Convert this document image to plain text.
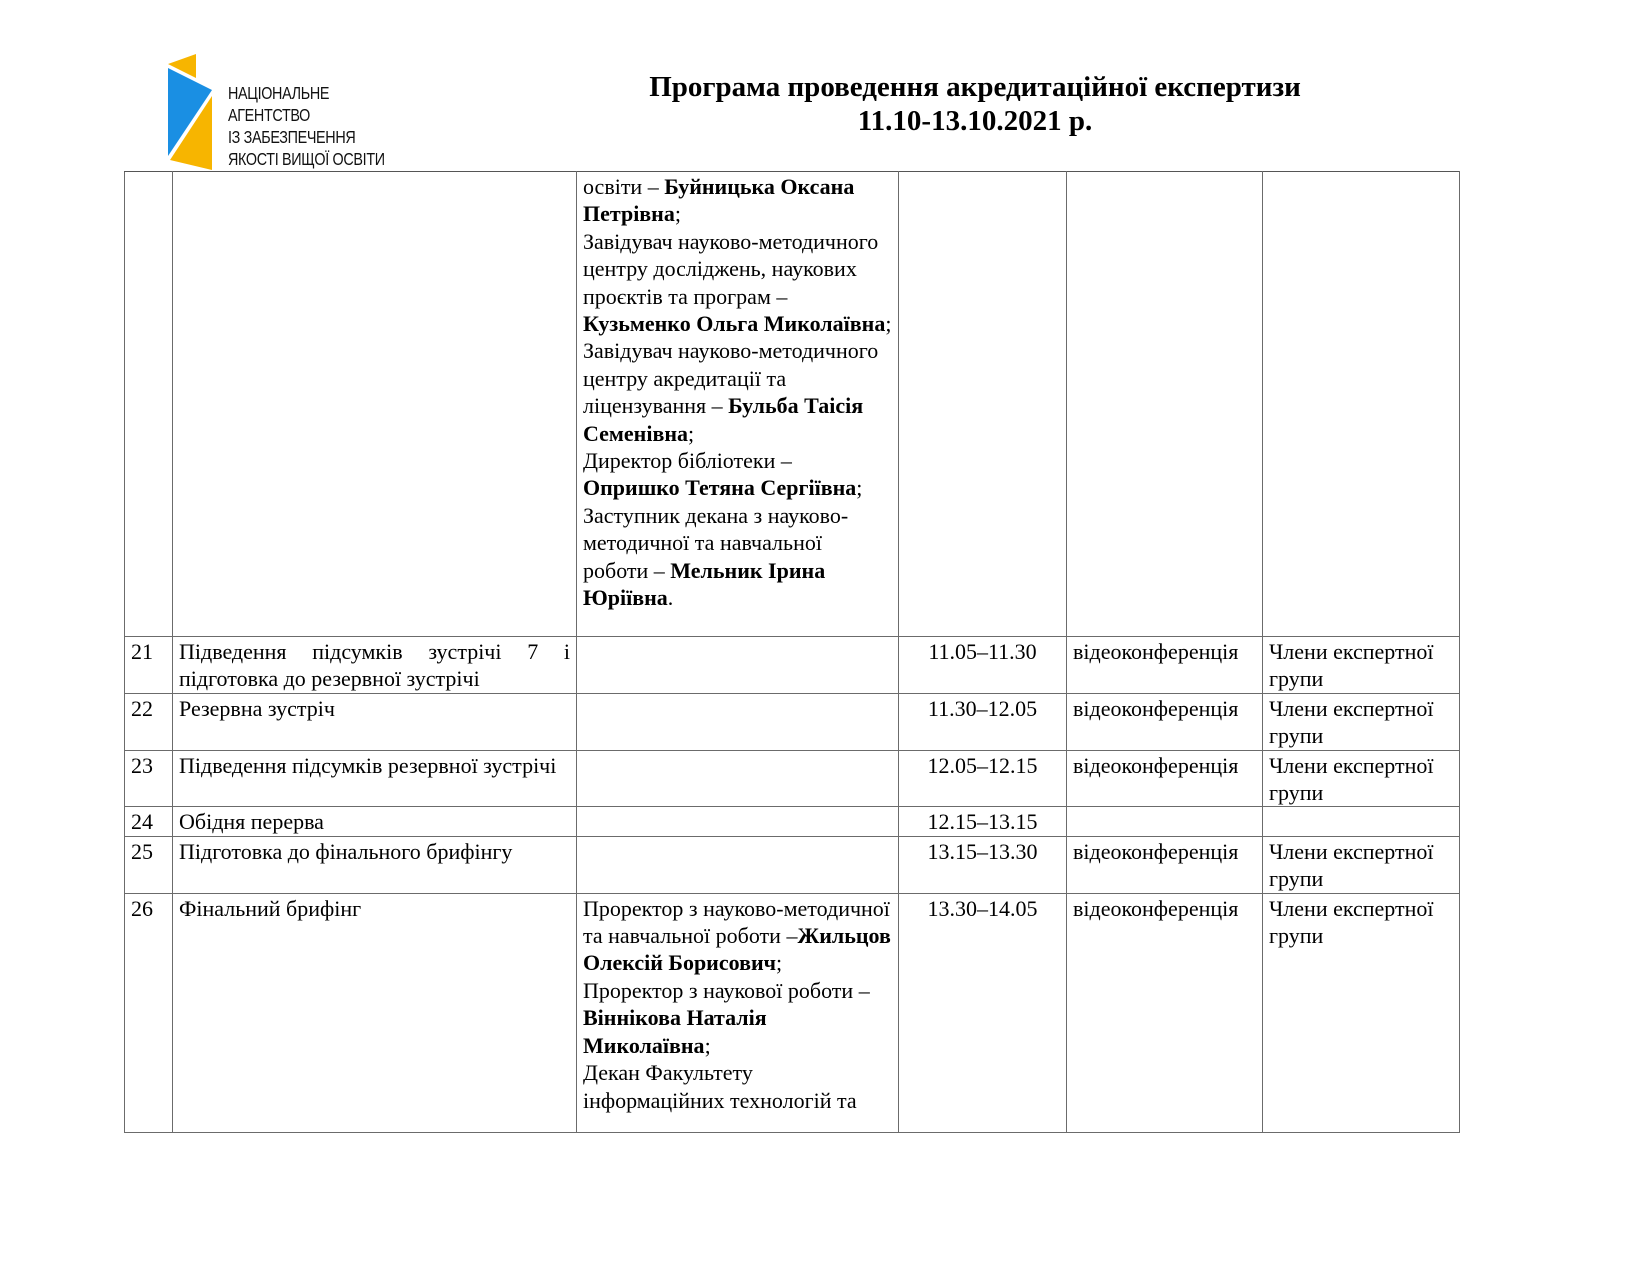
НАЦІОНАЛЬНЕ
АГЕНТСТВО
ІЗ ЗАБЕЗПЕЧЕННЯ
ЯКОСТІ ВИЩОЇ ОСВІТИ
Програма проведення акредитаційної експертизи
11.10-13.10.2021 р.
		освіти – Буйницька Оксана Петрівна;
Завідувач науково-методичного центру досліджень, наукових проєктів та програм – Кузьменко Ольга Миколаївна;
Завідувач науково-методичного центру акредитації та ліцензування – Бульба Таісія Семенівна;
Директор бібліотеки – Опришко Тетяна Сергіївна;
Заступник декана з науково-методичної та навчальної роботи – Мельник Ірина Юріївна.			
21	Підведення підсумків зустрічі 7 і підготовка до резервної зустрічі		11.05–11.30	відеоконференція	Члени експертної групи
22	Резервна зустріч		11.30–12.05	відеоконференція	Члени експертної групи
23	Підведення підсумків резервної зустрічі		12.05–12.15	відеоконференція	Члени експертної групи
24	Обідня перерва		12.15–13.15		
25	Підготовка до фінального брифінгу		13.15–13.30	відеоконференція	Члени експертної групи
26	Фінальний брифінг	Проректор з науково-методичної та навчальної роботи –Жильцов Олексій Борисович;
Проректор з наукової роботи – Віннікова Наталія Миколаївна;
Декан Факультету інформаційних технологій та	13.30–14.05	відеоконференція	Члени експертної групи
